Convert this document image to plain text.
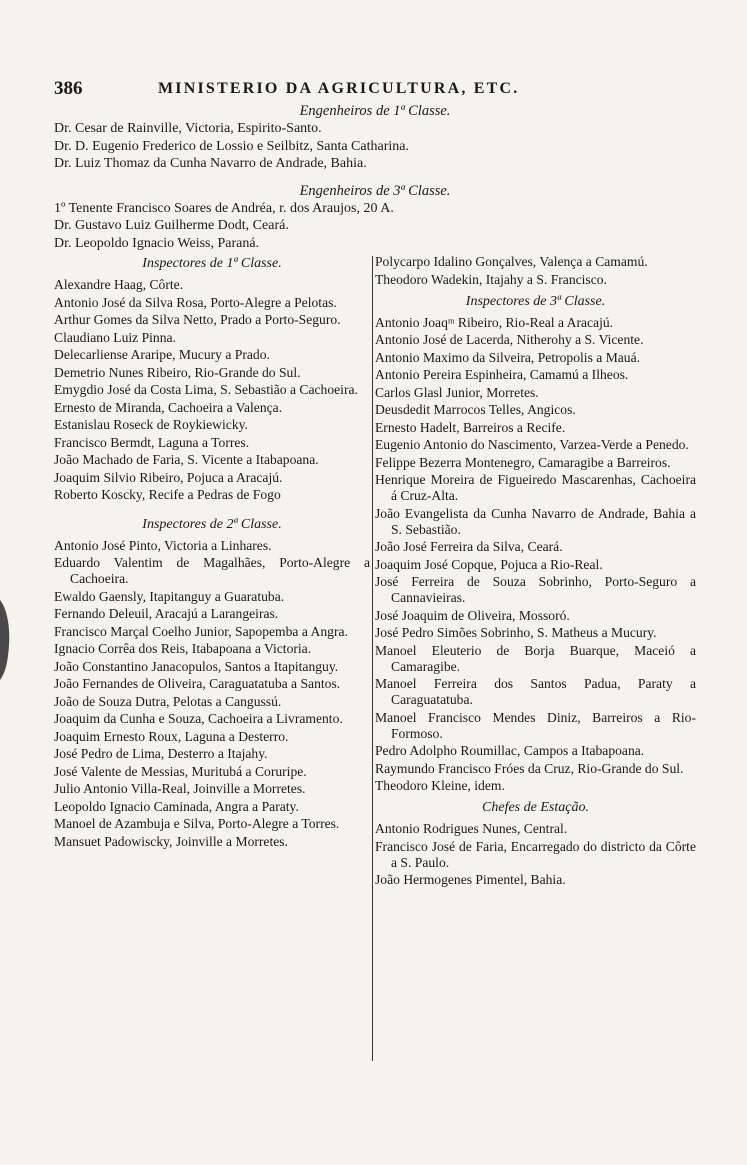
386	MINISTERIO DA AGRICULTURA, ETC.
Engenheiros de 1ª Classe.
Dr. Cesar de Rainville, Victoria, Espirito-Santo.
Dr. D. Eugenio Frederico de Lossio e Seilbitz, Santa Catharina.
Dr. Luiz Thomaz da Cunha Navarro de Andrade, Bahia.
Engenheiros de 3ª Classe.
1º Tenente Francisco Soares de Andréa, r. dos Araujos, 20 A.
Dr. Gustavo Luiz Guilherme Dodt, Ceará.
Dr. Leopoldo Ignacio Weiss, Paraná.
Inspectores de 1ª Classe.
Alexandre Haag, Côrte.
Antonio José da Silva Rosa, Porto-Alegre a Pelotas.
Arthur Gomes da Silva Netto, Prado a Porto-Seguro.
Claudiano Luiz Pinna.
Delecarliense Araripe, Mucury a Prado.
Demetrio Nunes Ribeiro, Rio-Grande do Sul.
Emygdio José da Costa Lima, S. Sebastião a Cachoeira.
Ernesto de Miranda, Cachoeira a Valença.
Estanislau Roseck de Roykiewicky.
Francisco Bermdt, Laguna a Torres.
João Machado de Faria, S. Vicente a Itabapoana.
Joaquim Silvio Ribeiro, Pojuca a Aracajú.
Roberto Koscky, Recife a Pedras de Fogo
Inspectores de 2ª Classe.
Antonio José Pinto, Victoria a Linhares.
Eduardo Valentim de Magalhães, Porto-Alegre a Cachoeira.
Ewaldo Gaensly, Itapitanguy a Guaratuba.
Fernando Deleuil, Aracajú a Larangeiras.
Francisco Marçal Coelho Junior, Sapopemba a Angra.
Ignacio Corrêa dos Reis, Itabapoana a Victoria.
João Constantino Janacopulos, Santos a Itapitanguy.
João Fernandes de Oliveira, Caraguatatuba a Santos.
João de Souza Dutra, Pelotas a Cangussú.
Joaquim da Cunha e Souza, Cachoeira a Livramento.
Joaquim Ernesto Roux, Laguna a Desterro.
José Pedro de Lima, Desterro a Itajahy.
José Valente de Messias, Muritubá a Coruripe.
Julio Antonio Villa-Real, Joinville a Morretes.
Leopoldo Ignacio Caminada, Angra a Paraty.
Manoel de Azambuja e Silva, Porto-Alegre a Torres.
Mansuet Padowiscky, Joinville a Morretes.
Polycarpo Idalino Gonçalves, Valença a Camamú.
Theodoro Wadekin, Itajahy a S. Francisco.
Inspectores de 3ª Classe.
Antonio Joaqᵐ Ribeiro, Rio-Real a Aracajú.
Antonio José de Lacerda, Nitherohy a S. Vicente.
Antonio Maximo da Silveira, Petropolis a Mauá.
Antonio Pereira Espinheira, Camamú a Ilheos.
Carlos Glasl Junior, Morretes.
Deusdedit Marrocos Telles, Angicos.
Ernesto Hadelt, Barreiros a Recife.
Eugenio Antonio do Nascimento, Varzea-Verde a Penedo.
Felippe Bezerra Montenegro, Camaragibe a Barreiros.
Henrique Moreira de Figueiredo Mascarenhas, Cachoeira á Cruz-Alta.
João Evangelista da Cunha Navarro de Andrade, Bahia a S. Sebastião.
João José Ferreira da Silva, Ceará.
Joaquim José Copque, Pojuca a Rio-Real.
José Ferreira de Souza Sobrinho, Porto-Seguro a Cannavieiras.
José Joaquim de Oliveira, Mossoró.
José Pedro Simões Sobrinho, S. Matheus a Mucury.
Manoel Eleuterio de Borja Buarque, Maceió a Camaragibe.
Manoel Ferreira dos Santos Padua, Paraty a Caraguatatuba.
Manoel Francisco Mendes Diniz, Barreiros a Rio-Formoso.
Pedro Adolpho Roumillac, Campos a Itabapoana.
Raymundo Francisco Fróes da Cruz, Rio-Grande do Sul.
Theodoro Kleine, idem.
Chefes de Estação.
Antonio Rodrigues Nunes, Central.
Francisco José de Faria, Encarregado do districto da Côrte a S. Paulo.
João Hermogenes Pimentel, Bahia.
